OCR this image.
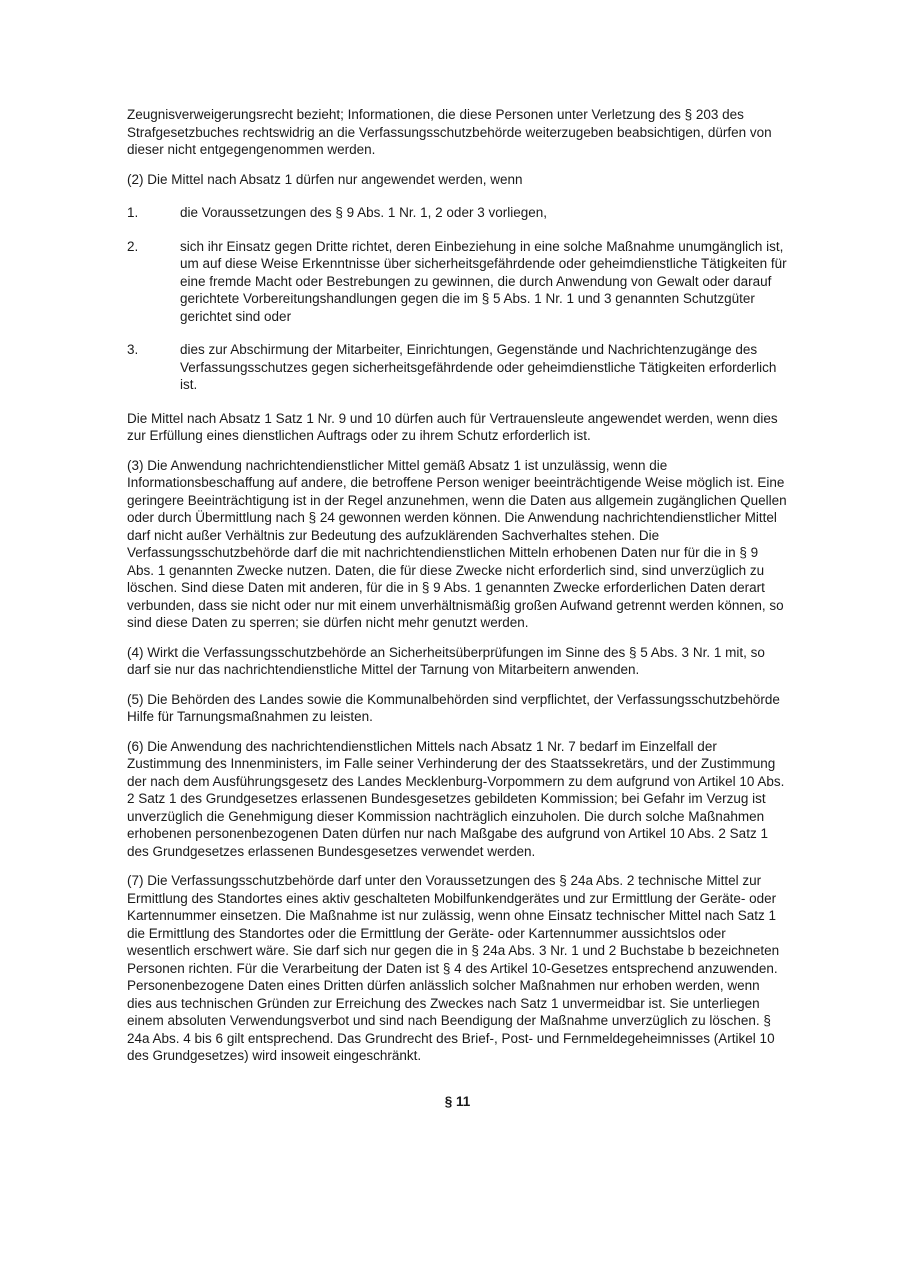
Zeugnisverweigerungsrecht bezieht; Informationen, die diese Personen unter Verletzung des § 203 des Strafgesetzbuches rechtswidrig an die Verfassungsschutzbehörde weiterzugeben beabsichtigen, dürfen von dieser nicht entgegengenommen werden.

(2) Die Mittel nach Absatz 1 dürfen nur angewendet werden, wenn

1.	die Voraussetzungen des § 9 Abs. 1 Nr. 1, 2 oder 3 vorliegen,
2.	sich ihr Einsatz gegen Dritte richtet, deren Einbeziehung in eine solche Maßnahme unumgänglich ist, um auf diese Weise Erkenntnisse über sicherheitsgefährdende oder geheimdienstliche Tätigkeiten für eine fremde Macht oder Bestrebungen zu gewinnen, die durch Anwendung von Gewalt oder darauf gerichtete Vorbereitungshandlungen gegen die im § 5 Abs. 1 Nr. 1 und 3 genannten Schutzgüter gerichtet sind oder
3.	dies zur Abschirmung der Mitarbeiter, Einrichtungen, Gegenstände und Nachrichtenzugänge des Verfassungsschutzes gegen sicherheitsgefährdende oder geheimdienstliche Tätigkeiten erforderlich ist.

Die Mittel nach Absatz 1 Satz 1 Nr. 9 und 10 dürfen auch für Vertrauensleute angewendet werden, wenn dies zur Erfüllung eines dienstlichen Auftrags oder zu ihrem Schutz erforderlich ist.

(3) Die Anwendung nachrichtendienstlicher Mittel gemäß Absatz 1 ist unzulässig, wenn die Informationsbeschaffung auf andere, die betroffene Person weniger beeinträchtigende Weise möglich ist. Eine geringere Beeinträchtigung ist in der Regel anzunehmen, wenn die Daten aus allgemein zugänglichen Quellen oder durch Übermittlung nach § 24 gewonnen werden können. Die Anwendung nachrichtendienstlicher Mittel darf nicht außer Verhältnis zur Bedeutung des aufzuklärenden Sachverhaltes stehen. Die Verfassungsschutzbehörde darf die mit nachrichtendienstlichen Mitteln erhobenen Daten nur für die in § 9 Abs. 1 genannten Zwecke nutzen. Daten, die für diese Zwecke nicht erforderlich sind, sind unverzüglich zu löschen. Sind diese Daten mit anderen, für die in § 9 Abs. 1 genannten Zwecke erforderlichen Daten derart verbunden, dass sie nicht oder nur mit einem unverhältnismäßig großen Aufwand getrennt werden können, so sind diese Daten zu sperren; sie dürfen nicht mehr genutzt werden.

(4) Wirkt die Verfassungsschutzbehörde an Sicherheitsüberprüfungen im Sinne des § 5 Abs. 3 Nr. 1 mit, so darf sie nur das nachrichtendienstliche Mittel der Tarnung von Mitarbeitern anwenden.

(5) Die Behörden des Landes sowie die Kommunalbehörden sind verpflichtet, der Verfassungsschutzbehörde Hilfe für Tarnungsmaßnahmen zu leisten.

(6) Die Anwendung des nachrichtendienstlichen Mittels nach Absatz 1 Nr. 7 bedarf im Einzelfall der Zustimmung des Innenministers, im Falle seiner Verhinderung der des Staatssekretärs, und der Zustimmung der nach dem Ausführungsgesetz des Landes Mecklenburg-Vorpommern zu dem aufgrund von Artikel 10 Abs. 2 Satz 1 des Grundgesetzes erlassenen Bundesgesetzes gebildeten Kommission; bei Gefahr im Verzug ist unverzüglich die Genehmigung dieser Kommission nachträglich einzuholen. Die durch solche Maßnahmen erhobenen personenbezogenen Daten dürfen nur nach Maßgabe des aufgrund von Artikel 10 Abs. 2 Satz 1 des Grundgesetzes erlassenen Bundesgesetzes verwendet werden.

(7) Die Verfassungsschutzbehörde darf unter den Voraussetzungen des § 24a Abs. 2 technische Mittel zur Ermittlung des Standortes eines aktiv geschalteten Mobilfunkendgerätes und zur Ermittlung der Geräte- oder Kartennummer einsetzen. Die Maßnahme ist nur zulässig, wenn ohne Einsatz technischer Mittel nach Satz 1 die Ermittlung des Standortes oder die Ermittlung der Geräte- oder Kartennummer aussichtslos oder wesentlich erschwert wäre. Sie darf sich nur gegen die in § 24a Abs. 3 Nr. 1 und 2 Buchstabe b bezeichneten Personen richten. Für die Verarbeitung der Daten ist § 4 des Artikel 10-Gesetzes entsprechend anzuwenden. Personenbezogene Daten eines Dritten dürfen anlässlich solcher Maßnahmen nur erhoben werden, wenn dies aus technischen Gründen zur Erreichung des Zweckes nach Satz 1 unvermeidbar ist. Sie unterliegen einem absoluten Verwendungsverbot und sind nach Beendigung der Maßnahme unverzüglich zu löschen. § 24a Abs. 4 bis 6 gilt entsprechend. Das Grundrecht des Brief-, Post- und Fernmeldegeheimnisses (Artikel 10 des Grundgesetzes) wird insoweit eingeschränkt.

§ 11
